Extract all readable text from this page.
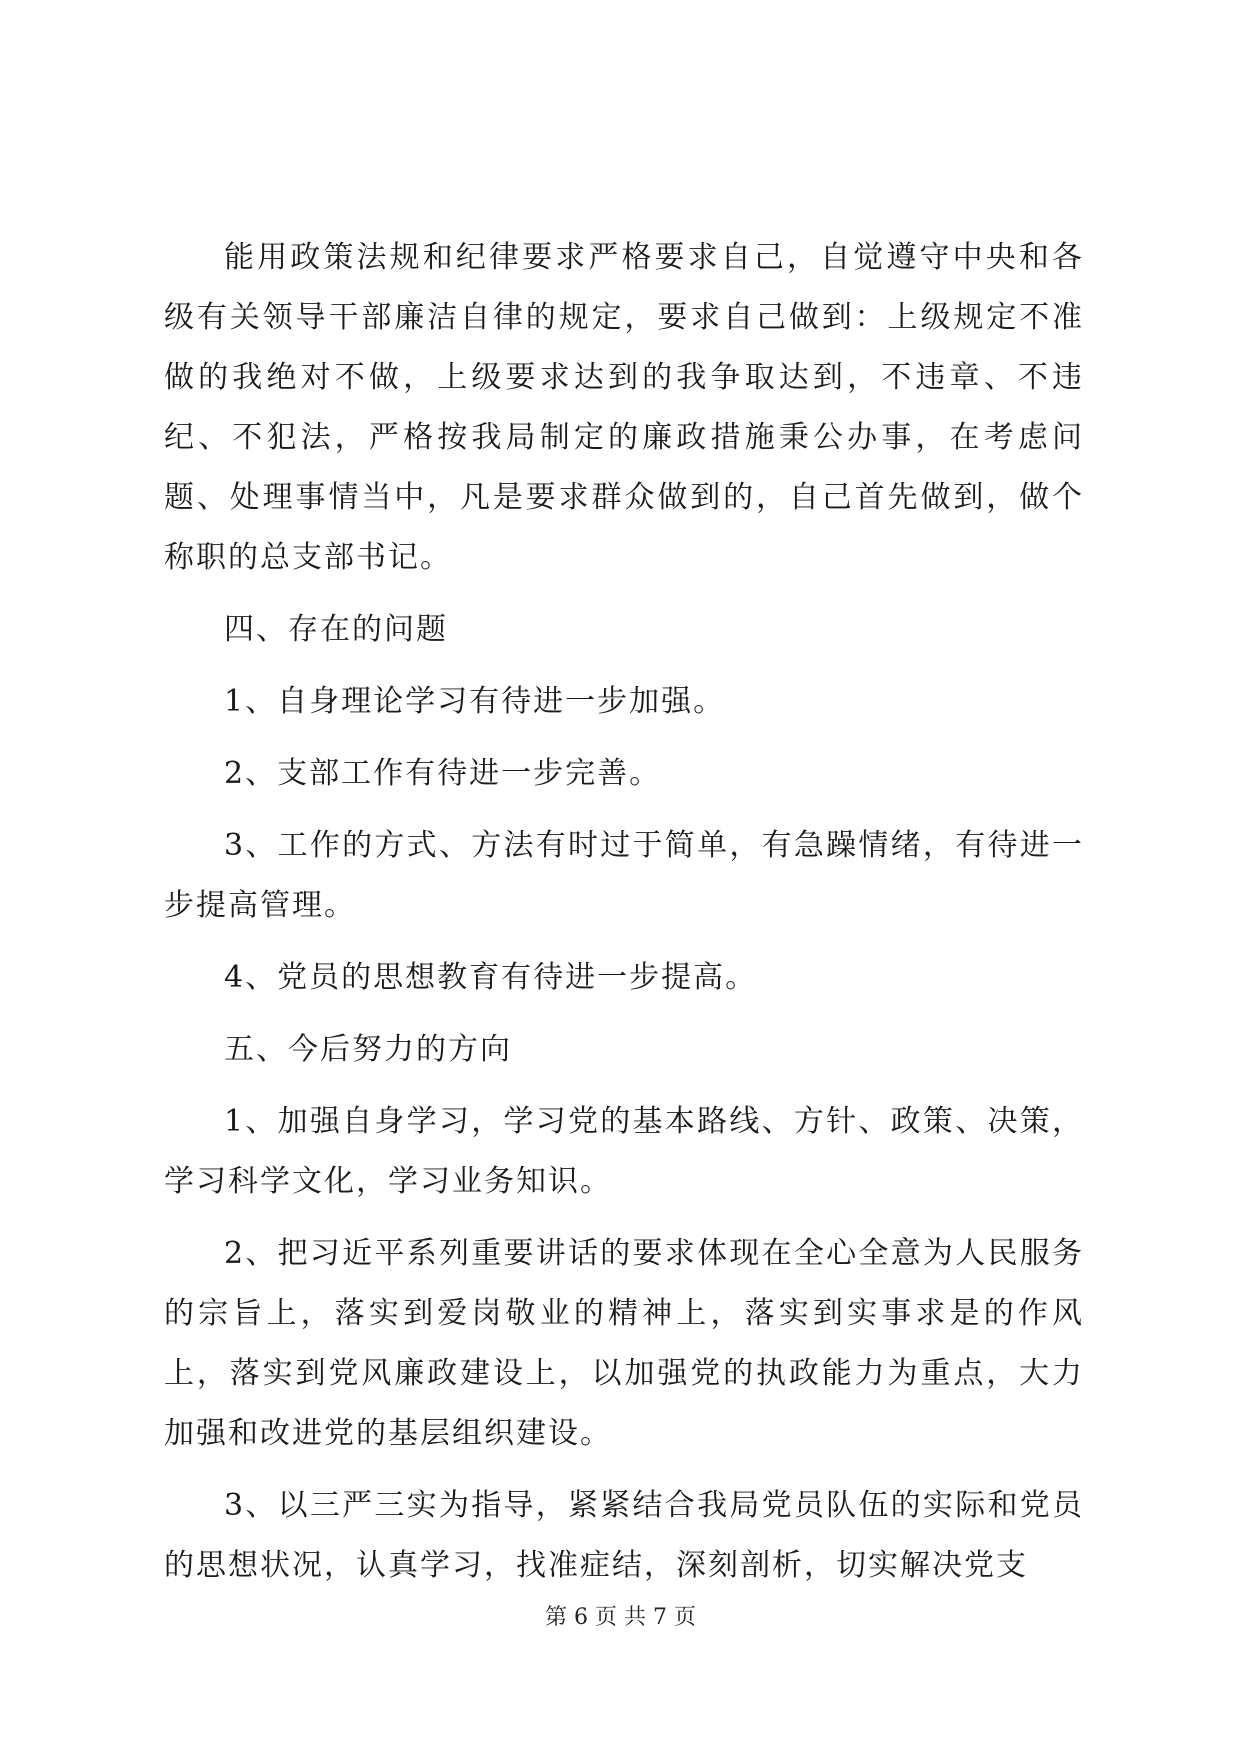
能用政策法规和纪律要求严格要求自己，自觉遵守中央和各级有关领导干部廉洁自律的规定，要求自己做到：上级规定不准做的我绝对不做，上级要求达到的我争取达到，不违章、不违纪、不犯法，严格按我局制定的廉政措施秉公办事，在考虑问题、处理事情当中，凡是要求群众做到的，自己首先做到，做个称职的总支部书记。

四、存在的问题

1、自身理论学习有待进一步加强。

2、支部工作有待进一步完善。

3、工作的方式、方法有时过于简单，有急躁情绪，有待进一步提高管理。

4、党员的思想教育有待进一步提高。

五、今后努力的方向

1、加强自身学习，学习党的基本路线、方针、政策、决策，学习科学文化，学习业务知识。

2、把习近平系列重要讲话的要求体现在全心全意为人民服务的宗旨上，落实到爱岗敬业的精神上，落实到实事求是的作风上，落实到党风廉政建设上，以加强党的执政能力为重点，大力加强和改进党的基层组织建设。

3、以三严三实为指导，紧紧结合我局党员队伍的实际和党员的思想状况，认真学习，找准症结，深刻剖析，切实解决党支

第 6 页 共 7 页
